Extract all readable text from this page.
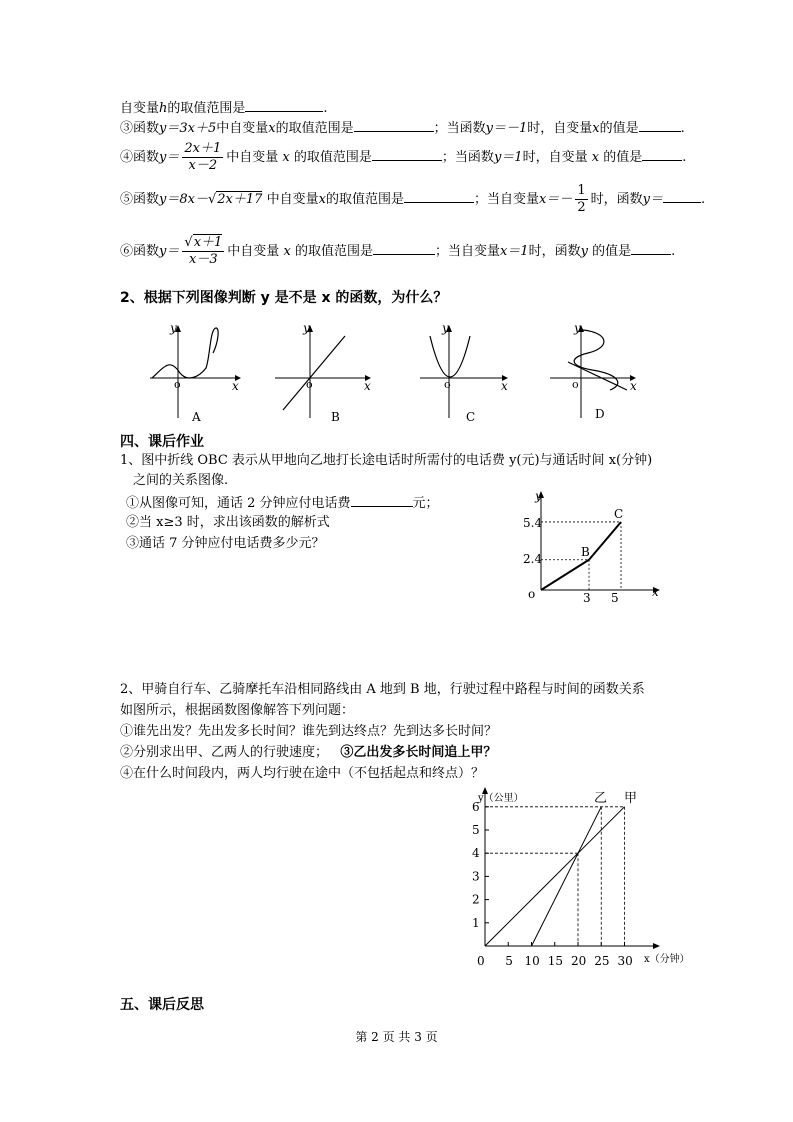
自变量h的取值范围是	.
③函数y＝3x＋5中自变量x的取值范围是	；当函数y＝－1时，自变量x的值是	.
④函数$y= \frac{2x+1}{x-2}$ 中自变量 x 的取值范围是	；当函数y＝1时，自变量 x 的值是	.
⑤函数y＝8x－√2x＋17 中自变量x的取值范围是	；当自变量$x=- \frac{1}{2}$ 时，函数y＝	.
⑥函数$y= \frac{√x+1}{x-3}$ 中自变量 x 的取值范围是	；当自变量x＝1时，函数y 的值是	.
2、根据下列图像判断 y 是不是 x 的函数，为什么？
y
x
o
A
y
x
o
B
y
x
o
C
y
x
o
D
四、课后作业
1、图中折线 OBC 表示从甲地向乙地打长途电话时所需付的电话费 y(元)与通话时间 x(分钟)
之间的关系图像.
①从图像可知，通话 2 分钟应付电话费	元；
②当 x≥3 时，求出该函数的解析式
③通话 7 分钟应付电话费多少元？
y
x
o
5.4
2.4
3 5
B
C
2、甲骑自行车、乙骑摩托车沿相同路线由 A 地到 B 地，行驶过程中路程与时间的函数关系
如图所示，根据函数图像解答下列问题：
①谁先出发？先出发多长时间？谁先到达终点？先到达多长时间？
②分别求出甲、乙两人的行驶速度； ③乙出发多长时间追上甲？
④在什么时间段内，两人均行驶在途中（不包括起点和终点）？
1
2
3
4
5
6
0 5 10 15 20 25 30
y（公里）
x（分钟）
乙 甲
五、课后反思
第 2 页 共 3 页
